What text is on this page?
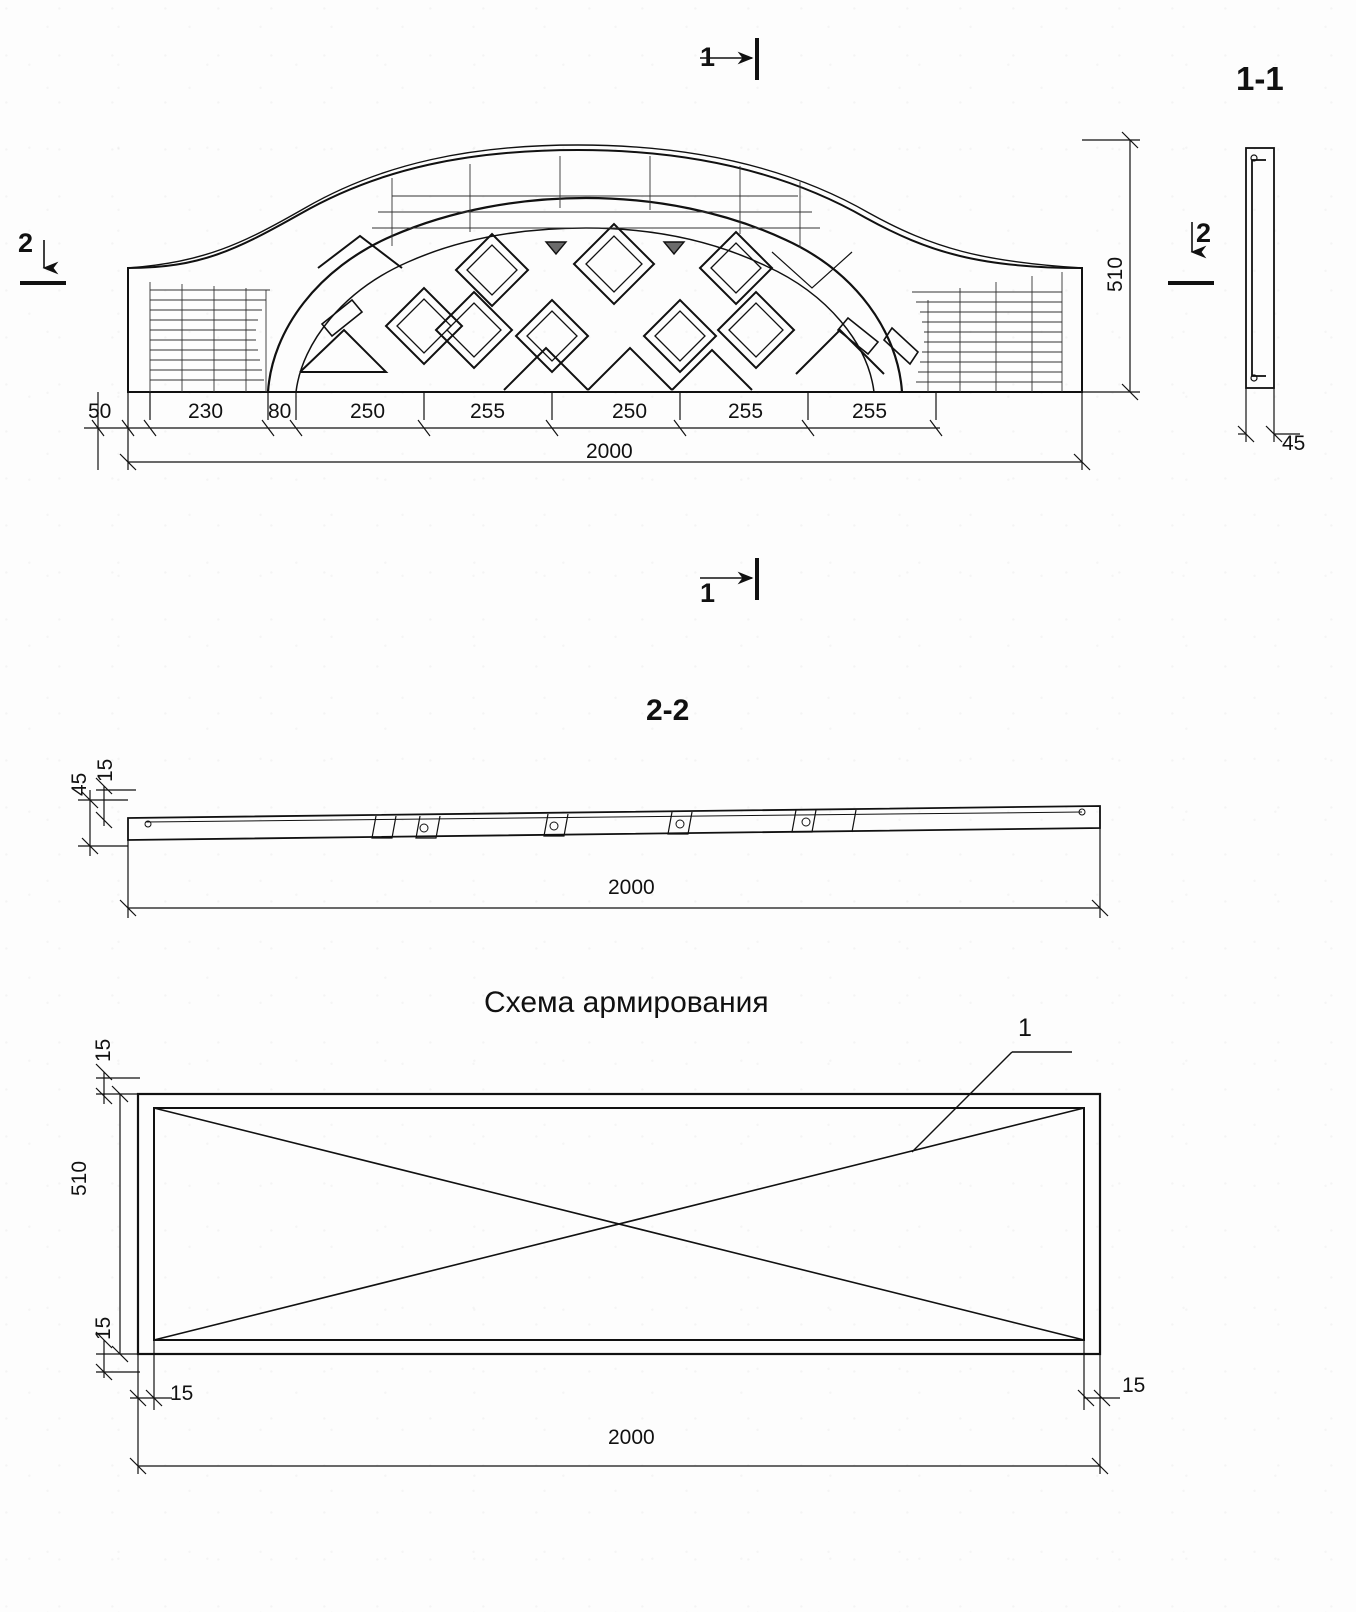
1
1
2	2
1-1
510
50	230 80	250	255	250	255	255
2000	45
2-2
45
15
2000
Схема армирования
1
15
510
15
15	15
2000
